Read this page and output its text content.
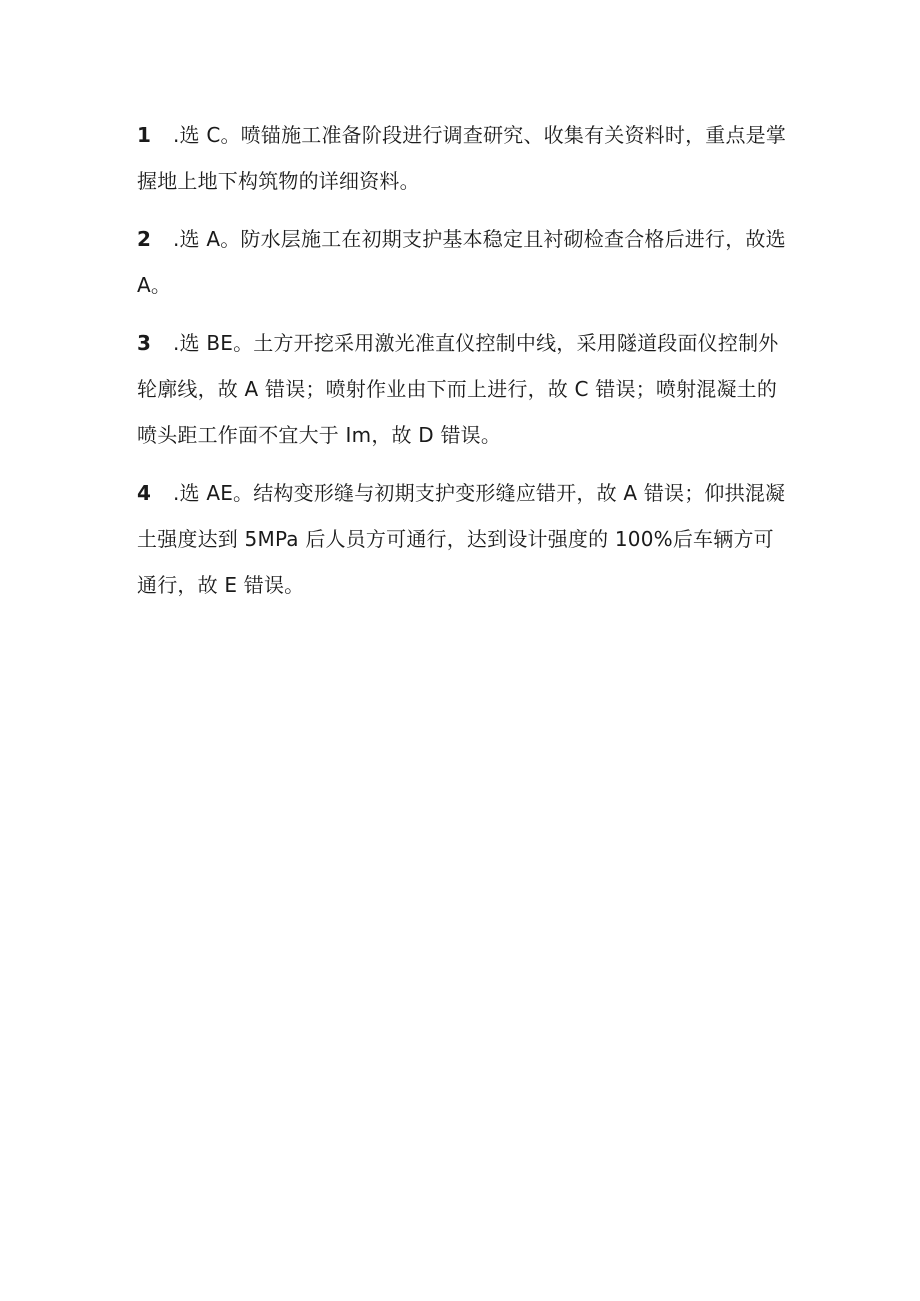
1 .选 C。喷锚施工准备阶段进行调查研究、收集有关资料时，重点是掌握地上地下构筑物的详细资料。

2 .选 A。防水层施工在初期支护基本稳定且衬砌检查合格后进行，故选A。

3 .选 BE。土方开挖采用激光准直仪控制中线，采用隧道段面仪控制外轮廓线，故 A 错误；喷射作业由下而上进行，故 C 错误；喷射混凝土的喷头距工作面不宜大于 Im，故 D 错误。

4 .选 AE。结构变形缝与初期支护变形缝应错开，故 A 错误；仰拱混凝土强度达到 5MPa 后人员方可通行，达到设计强度的 100%后车辆方可通行，故 E 错误。
